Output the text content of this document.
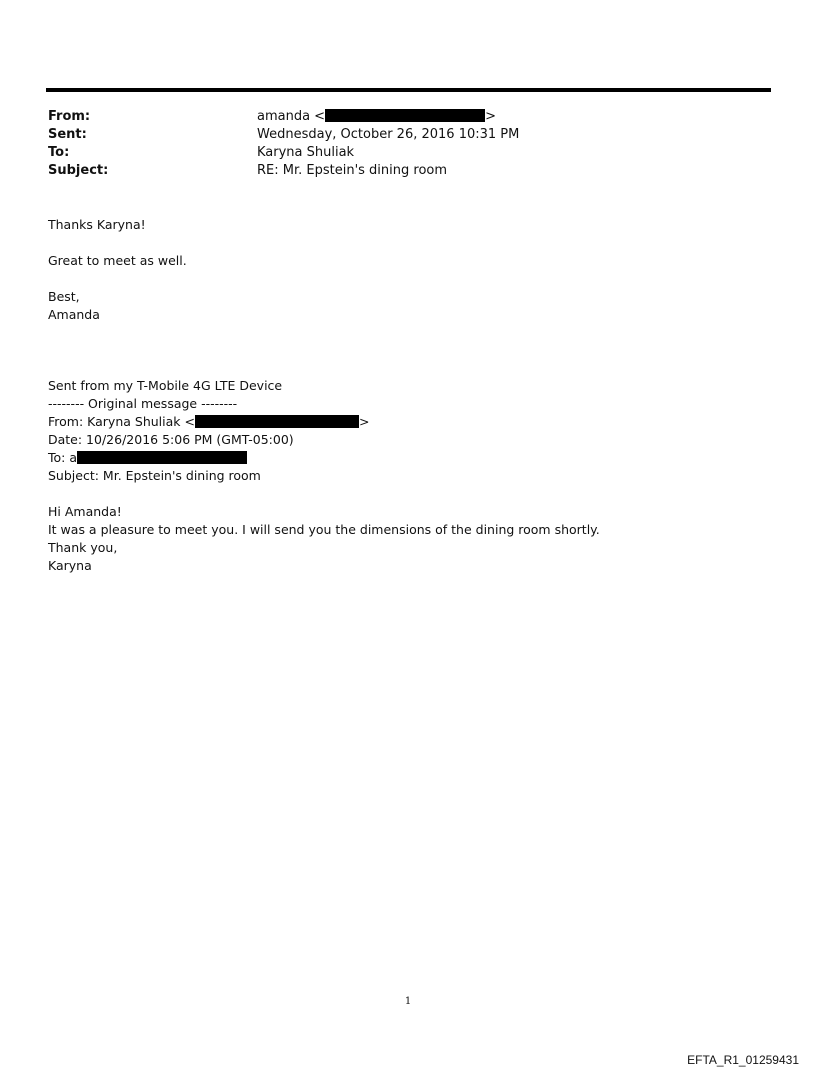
From:	amanda <	>
Sent:	Wednesday, October 26, 2016 10:31 PM
To:	Karyna Shuliak
Subject:	RE: Mr. Epstein's dining room
Thanks Karyna!
Great to meet as well.
Best,
Amanda
Sent from my T-Mobile 4G LTE Device
-------- Original message --------
From: Karyna Shuliak <	>
Date: 10/26/2016 5:06 PM (GMT-05:00)
To: a
Subject: Mr. Epstein's dining room
Hi Amanda!
It was a pleasure to meet you. I will send you the dimensions of the dining room shortly.
Thank you,
Karyna
1
EFTA_R1_01259431
